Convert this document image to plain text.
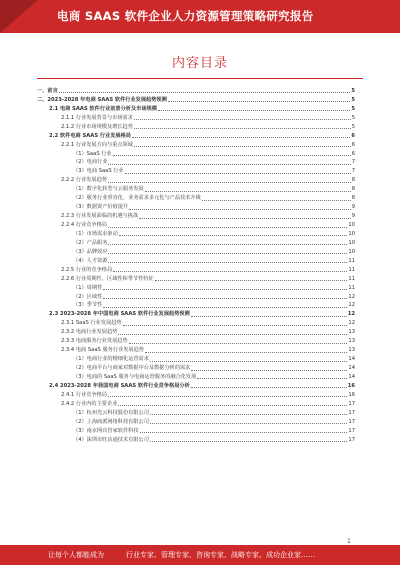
电商 SAAS 软件企业人力资源管理策略研究报告
内容目录
一、前言	5
二、2023-2028 年电商 SAAS 软件行业发展趋势预测	5
2.1 电商 SAAS 软件行业前景分析及市场规模	5
2.1.1 行业发展背景与市场需求	5
2.1.2 行业市场规模及增长趋势	5
2.2 软件电商 SAAS 行业发展格局	6
2.2.1 行业发展方向与重点领域	6
（1）SaaS 行业	6
（2）电商行业	7
（3）电商 SaaS 行业	7
2.2.2 行业发展趋势	8
（1）数字化转型与云服务发展	8
（2）服务行业垂直化、业务需求多元化与产品技术升级	8
（3）数据资产价值提升	9
2.2.3 行业发展面临的机遇与挑战	9
2.2.4 行业竞争格局	10
（1）市场需求驱动	10
（2）产品服务	10
（3）品牌效应	10
（4）人才资源	11
2.2.5 行业的竞争格局	11
2.2.6 行业周期性、区域性和季节性特征	11
（1）周期性	11
（2）区域性	12
（3）季节性	12
2.3 2023-2028 年中国电商 SAAS 软件行业发展趋势预测	12
2.3.1 SaaS 行业发展趋势	12
2.3.2 电商行业发展趋势	13
2.3.3 电商服务行业发展趋势	13
2.3.4 电商 SaaS 服务行业发展趋势	13
（1）电商行业的精细化运营需求	14
（2）电商平台与商家对数据中台及数据分析的需求	14
（3）电商的 SaaS 服务与电商运营服务的融合化发展	14
2.4 2023-2028 年我国电商 SAAS 软件行业竞争格局分析	16
2.4.1 行业竞争格局	16
2.4.2 行业内的主要企业	17
（1）杭州光云科技股份有限公司	17
（2）上海商派网络科技有限公司	17
（3）南京网店管家软件科技	17
（4）深圳市旺店通技术有限公司	17
1
让每个人都能成为	行业专家、管理专家、咨询专家、战略专家、成功企业家……
